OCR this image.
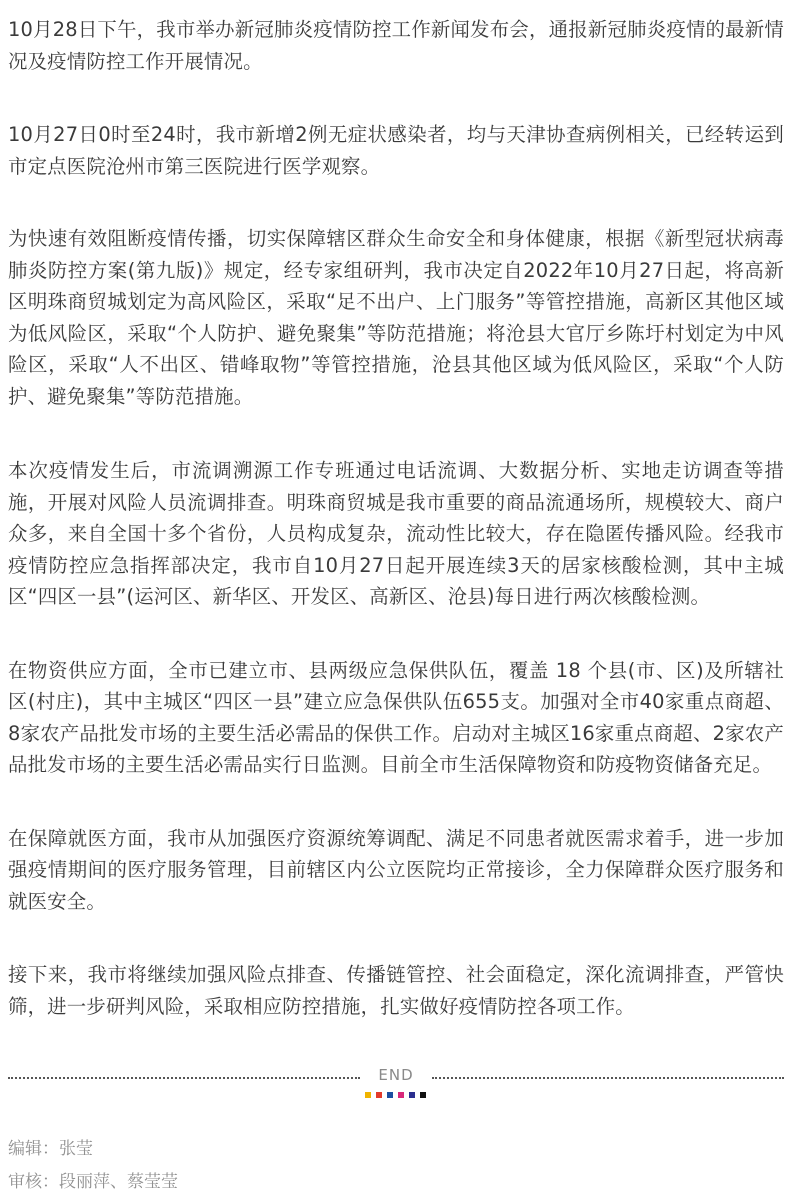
10月28日下午，我市举办新冠肺炎疫情防控工作新闻发布会，通报新冠肺炎疫情的最新情况及疫情防控工作开展情况。

10月27日0时至24时，我市新增2例无症状感染者，均与天津协查病例相关，已经转运到市定点医院沧州市第三医院进行医学观察。

为快速有效阻断疫情传播，切实保障辖区群众生命安全和身体健康，根据《新型冠状病毒肺炎防控方案(第九版)》规定，经专家组研判，我市决定自2022年10月27日起，将高新区明珠商贸城划定为高风险区，采取“足不出户、上门服务”等管控措施，高新区其他区域为低风险区，采取“个人防护、避免聚集”等防范措施；将沧县大官厅乡陈圩村划定为中风险区，采取“人不出区、错峰取物”等管控措施，沧县其他区域为低风险区，采取“个人防护、避免聚集”等防范措施。

本次疫情发生后，市流调溯源工作专班通过电话流调、大数据分析、实地走访调查等措施，开展对风险人员流调排查。明珠商贸城是我市重要的商品流通场所，规模较大、商户众多，来自全国十多个省份，人员构成复杂，流动性比较大，存在隐匿传播风险。经我市疫情防控应急指挥部决定，我市自10月27日起开展连续3天的居家核酸检测，其中主城区“四区一县”(运河区、新华区、开发区、高新区、沧县)每日进行两次核酸检测。

在物资供应方面，全市已建立市、县两级应急保供队伍，覆盖 18 个县(市、区)及所辖社区(村庄)，其中主城区“四区一县”建立应急保供队伍655支。加强对全市40家重点商超、8家农产品批发市场的主要生活必需品的保供工作。启动对主城区16家重点商超、2家农产品批发市场的主要生活必需品实行日监测。目前全市生活保障物资和防疫物资储备充足。

在保障就医方面，我市从加强医疗资源统筹调配、满足不同患者就医需求着手，进一步加强疫情期间的医疗服务管理，目前辖区内公立医院均正常接诊，全力保障群众医疗服务和就医安全。

接下来，我市将继续加强风险点排查、传播链管控、社会面稳定，深化流调排查，严管快筛，进一步研判风险，采取相应防控措施，扎实做好疫情防控各项工作。

END

编辑：张莹

审核：段丽萍、蔡莹莹
